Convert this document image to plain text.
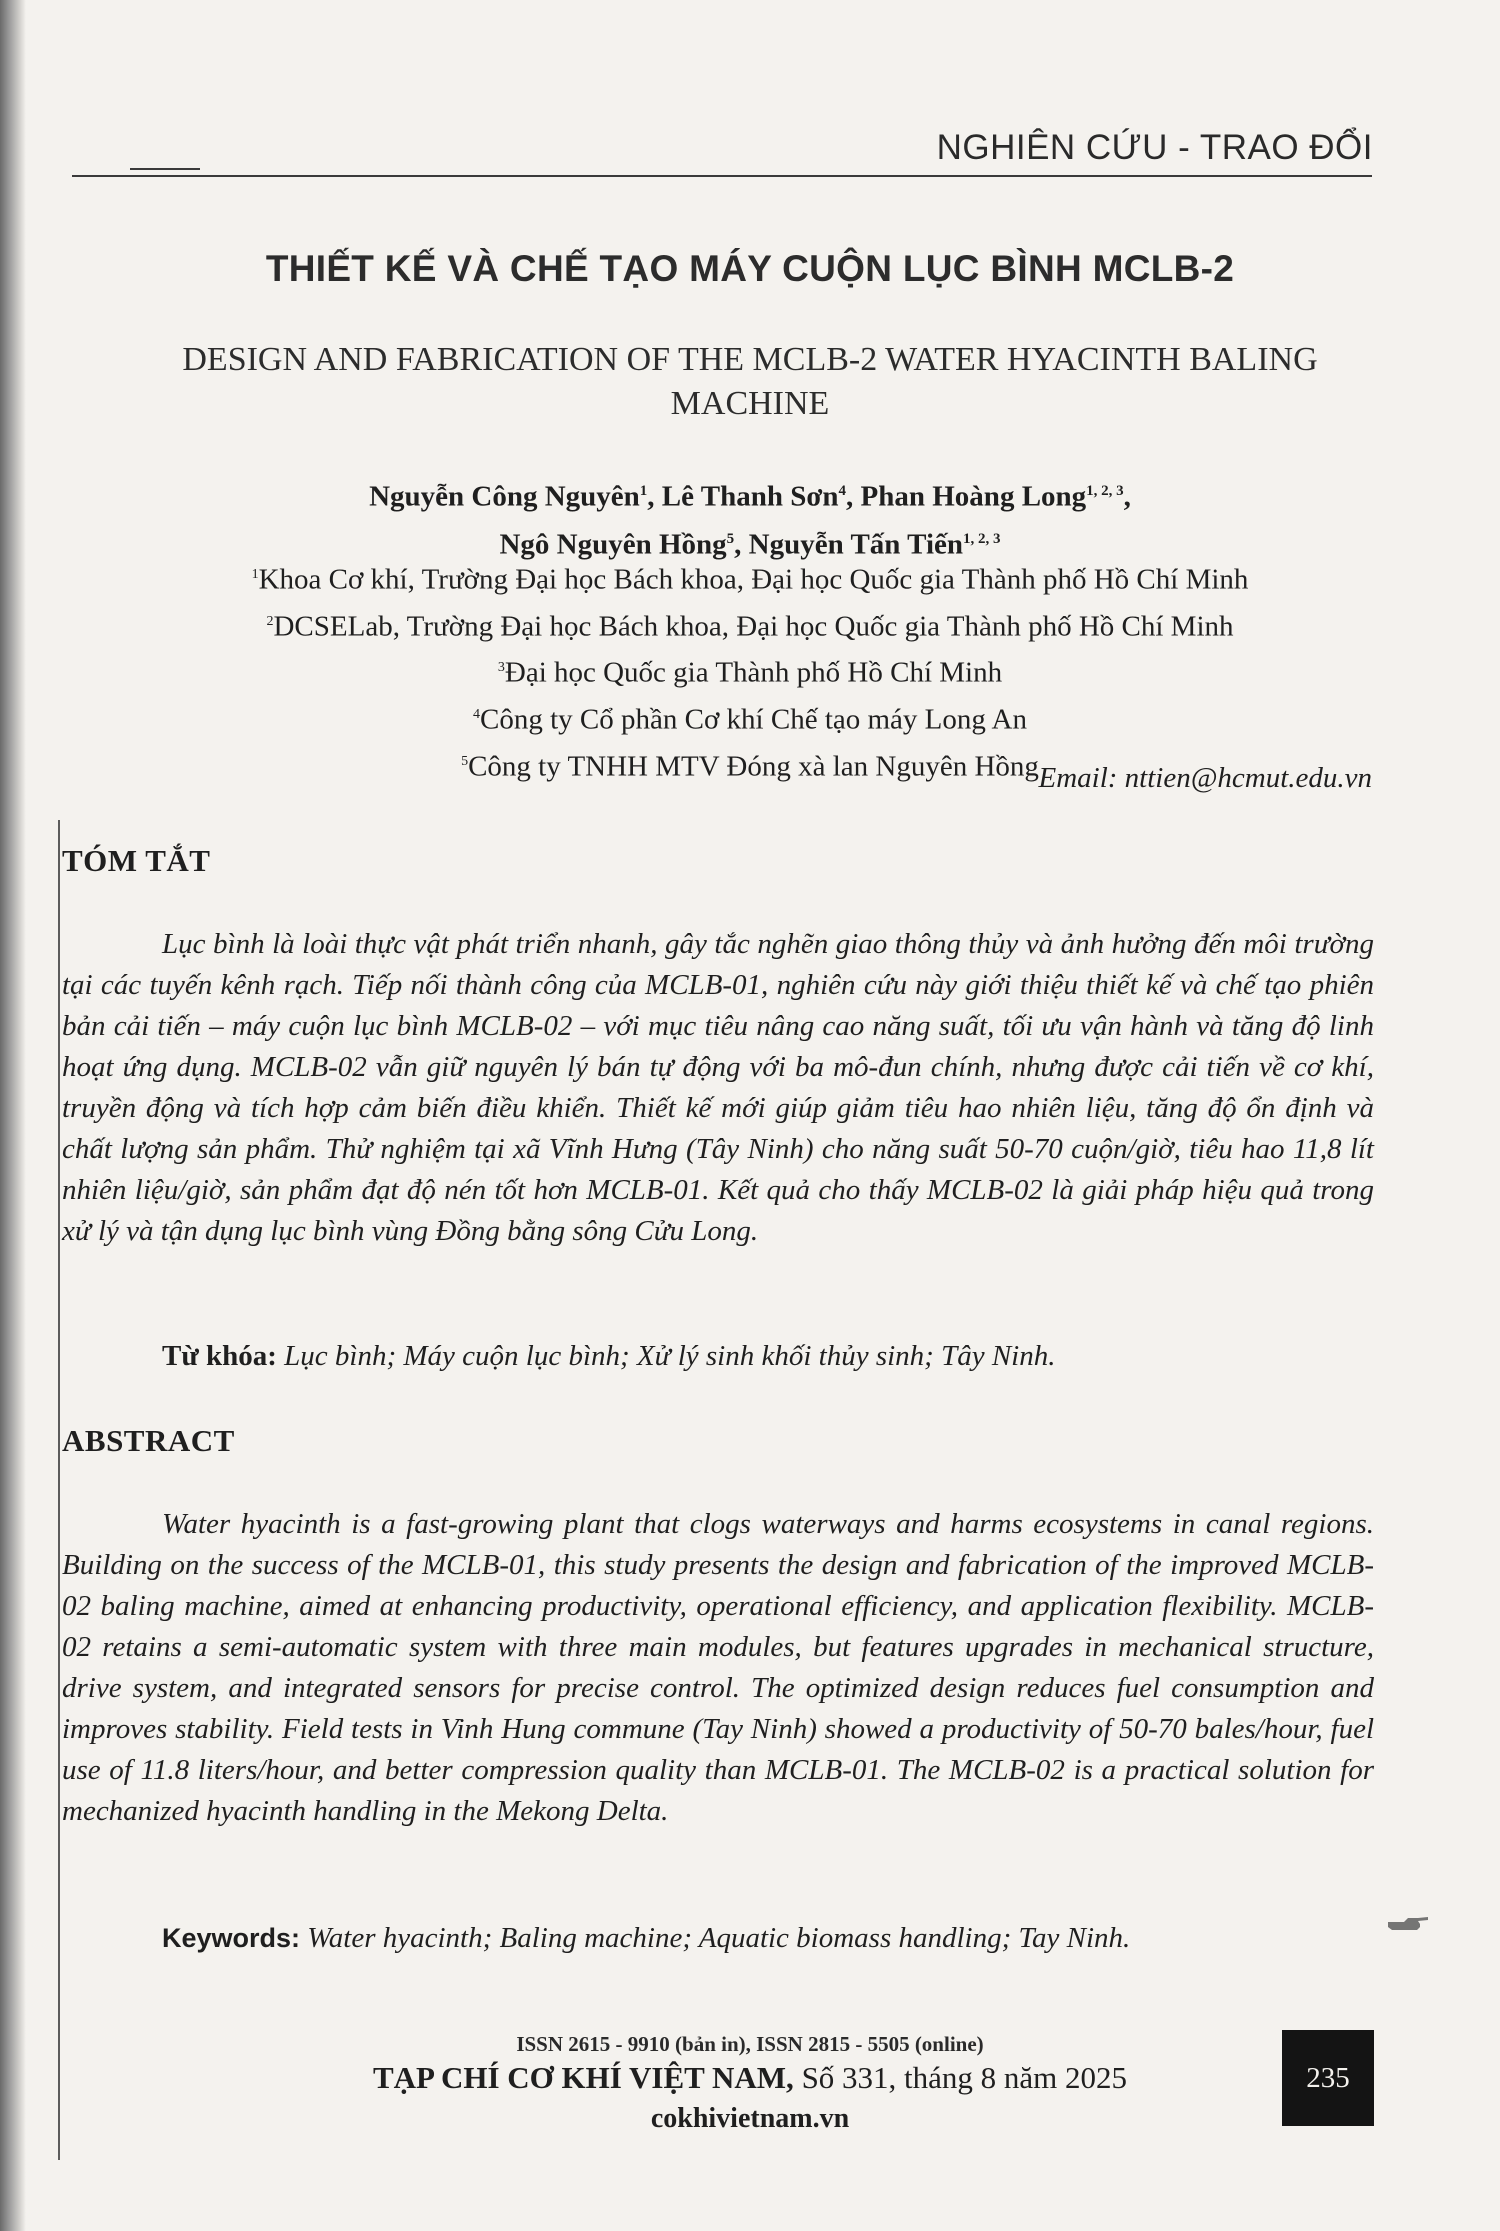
NGHIÊN CỨU - TRAO ĐỔI
THIẾT KẾ VÀ CHẾ TẠO MÁY CUỘN LỤC BÌNH MCLB-2
DESIGN AND FABRICATION OF THE MCLB-2 WATER HYACINTH BALING
MACHINE
Nguyễn Công Nguyên$^1$, Lê Thanh Sơn$^4$, Phan Hoàng Long$^{1, 2, 3}$,
Ngô Nguyên Hồng$^5$, Nguyễn Tấn Tiến$^{1, 2, 3}$
$^1$Khoa Cơ khí, Trường Đại học Bách khoa, Đại học Quốc gia Thành phố Hồ Chí Minh
$^2$DCSELab, Trường Đại học Bách khoa, Đại học Quốc gia Thành phố Hồ Chí Minh
$^3$Đại học Quốc gia Thành phố Hồ Chí Minh
$^4$Công ty Cổ phần Cơ khí Chế tạo máy Long An
$^5$Công ty TNHH MTV Đóng xà lan Nguyên Hồng Email: nttien@hcmut.edu.vn
TÓM TẮT
Lục bình là loài thực vật phát triển nhanh, gây tắc nghẽn giao thông thủy và ảnh hưởng đến môi trường tại các tuyến kênh rạch. Tiếp nối thành công của MCLB-01, nghiên cứu này giới thiệu thiết kế và chế tạo phiên bản cải tiến – máy cuộn lục bình MCLB-02 – với mục tiêu nâng cao năng suất, tối ưu vận hành và tăng độ linh hoạt ứng dụng. MCLB-02 vẫn giữ nguyên lý bán tự động với ba mô-đun chính, nhưng được cải tiến về cơ khí, truyền động và tích hợp cảm biến điều khiển. Thiết kế mới giúp giảm tiêu hao nhiên liệu, tăng độ ổn định và chất lượng sản phẩm. Thử nghiệm tại xã Vĩnh Hưng (Tây Ninh) cho năng suất 50-70 cuộn/giờ, tiêu hao 11,8 lít nhiên liệu/giờ, sản phẩm đạt độ nén tốt hơn MCLB-01. Kết quả cho thấy MCLB-02 là giải pháp hiệu quả trong xử lý và tận dụng lục bình vùng Đồng bằng sông Cửu Long.
Từ khóa: Lục bình; Máy cuộn lục bình; Xử lý sinh khối thủy sinh; Tây Ninh.
ABSTRACT
Water hyacinth is a fast-growing plant that clogs waterways and harms ecosystems in canal regions. Building on the success of the MCLB-01, this study presents the design and fabrication of the improved MCLB-02 baling machine, aimed at enhancing productivity, operational efficiency, and application flexibility. MCLB-02 retains a semi-automatic system with three main modules, but features upgrades in mechanical structure, drive system, and integrated sensors for precise control. The optimized design reduces fuel consumption and improves stability. Field tests in Vinh Hung commune (Tay Ninh) showed a productivity of 50-70 bales/hour, fuel use of 11.8 liters/hour, and better compression quality than MCLB-01. The MCLB-02 is a practical solution for mechanized hyacinth handling in the Mekong Delta.
Keywords: Water hyacinth; Baling machine; Aquatic biomass handling; Tay Ninh.
ISSN 2615 - 9910 (bản in), ISSN 2815 - 5505 (online)
TẠP CHÍ CƠ KHÍ VIỆT NAM, Số 331, tháng 8 năm 2025
cokhivietnam.vn
235
